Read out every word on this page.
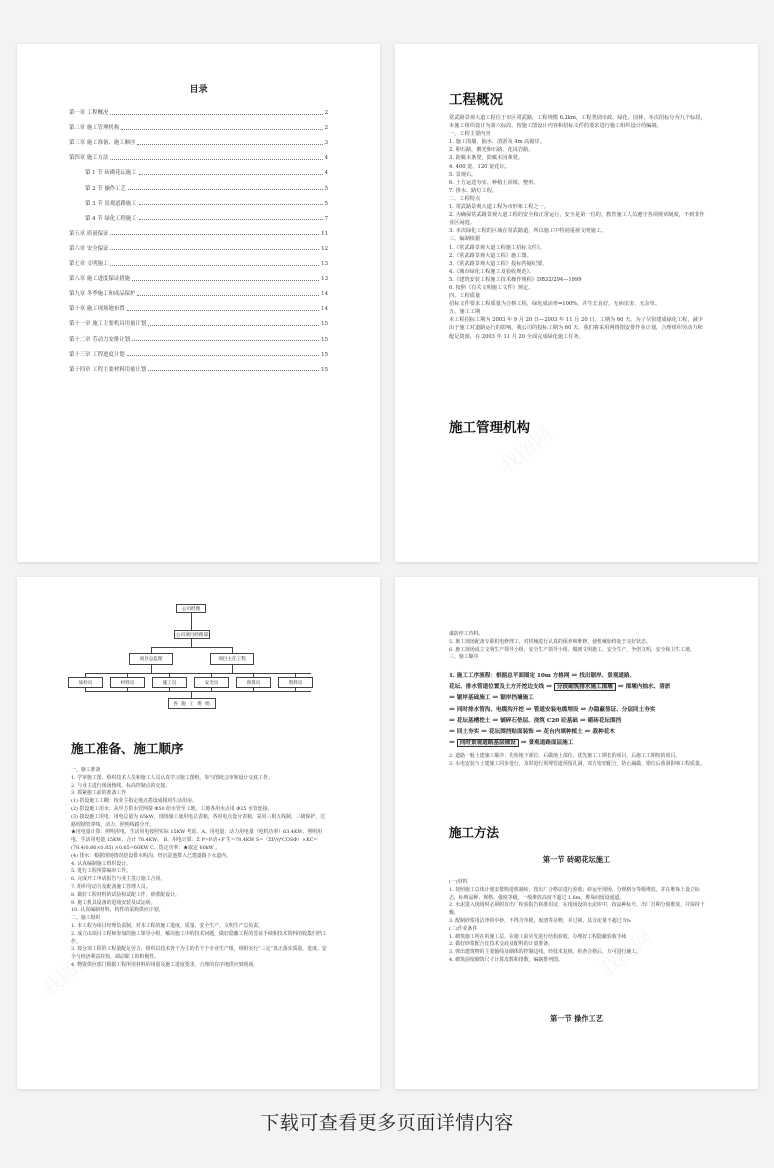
目录
第一章 工程概况	2
第二章 施工管理机构	2
第三章 施工准备、施工顺序	3
第四章 施工方法	4
第 1 节 砖砌花坛施工	4
第 2 节 操作工艺	5
第 3 节 景观道路施工	5
第 4 节 绿化工程施工	7
第五章 质量保证	11
第六章 安全保证	12
第七章 文明施工	13
第八章 施工进度保证措施	13
第九章 冬季施工和成品保护	14
第十章 施工现场地布置	14
第十一章 施工主要机具用量计划	15
第十二章 劳动力安排计划	15
第十三章 工程进度计划	15
第十四章 工程主要材料用量计划	15
工程概况

常武路景观大道工程位于市区常武路，工程规模 6.2km，工程类别市政、绿化、园林，本次招标分为九个标段，本施工组织设计为第六标段，按施工图设计内容和招标文件的要求进行施工组织设计的编制。

一、工程主要内容

1. 施工围墙、抽水、清淤及 4m 高锯岸。

2. 卵石路，鹅光卵石路、花岗岩路。

3. 防腐木条凳，防腐木园条凳。

4. 400 宽、120 宽花坛。

5. 景观石。

6. 土方运送夯实、种植土回填、整形。

7. 排水、路灯工程。

二、工程特点

1. 常武路景观大道工程为市形象工程之一。

2. 为确保常武路景观大道工程的安全和正常运行，安全是第一位的，教育施工人员遵守各项规章制度，不到非作业区闲逛。

3. 本次绿化工程的区域在常武路道，所以施工中特别重视文明施工。

三、编制依据

1.《常武路景观大道工程施工招标文件》。

2.《常武路景观大道工程》施工图。

3.《常武路景观大道工程》投标答疑纪要。

4.《城市绿化工程施工及验收规范》。

5.《建筑安装工程施工技术操作规程》DB32/294—1999

6. 按照《有关文明施工文件》规定。

四、工程质量

招标文件要求工程质量为合格工程，绿化成活率=100%，并生长良好，无病虫害、无杂草。

五、施工工期

本工程招标工期为 2003 年 9 月 20 日—2003 年 11 月 20 日，工期为 60 天。为了尽快建成绿化工程，减少由于施工对道路运行的影响，我公司的投标工期为 60 天。我们将采用网络图安排作业计划，合理组织劳动力和配足资源，在 2003 年 11 月 20 全面完成绿化施工任务。

施工管理机构
公司经理
公司项目经理部
项目总监理	项目主任工程
质检员	材料员	施工员	安全员	预算员	资料员
各 施 工 班 组
施工准备、施工顺序

一、施工准备

1. 学审施工图，组织技术人员和施工人员认真学习施工图纸，参与图纸会审和设计交底工作。

2. 与业主进行现场核线，标高控制点的交接。

3. 抓紧施工前的准备工作

(1) 搭设施工工棚：按业主指定地点搭设成相用生活用房。

(2) 搭设施工用水：从甲方供水管网接 Φ50 给水管至工地，工地各用水点用 Φ25 水管连接。

(3) 接设施工用电：用电总量为 65kW，现场施工使用电总表箱，各用电点设分表箱，采用三相五线制，三级保护，过路埋钢管穿线，动力、照明线路分开。

★用电量计算：照明用电、生活用电按照实际 15KW 考虑，A、用电量：动力用电量（电机功率）63.4KW，照明用电、生活用电量 15KW，合计 78.4KW。 B、用电计算：Σ P=P动+P 生=78.4KW S=（ΣP/η*COSΦ）×KC=(78.4/0.86×0.85) ×0.65=60KW C、选定功率：★取定 60kW 。

(4) 排水：根据现场情况挖设排水明沟，经沉淀池排入已建道路下水道内。

4. 认真编制施工组织设计。

5. 进行工程预算编审工作。

6. 完成开工申请报告与业主签订施工合同。

7. 组织劳动力及配备施工管理人员。

8. 做好工程材料的试验和试配工作，砂浆配设计。

9. 施工机具设备的进场安装及试运转。

10. 认真编制材料、构件的采购供应计划。

二、施工组织

1. 本工程为项目经理负责制，对本工程的施工进度、质量、安全生产、文明生产总负责。

2. 成立由项目工程师参加的施工领导小组，解决施工中的技术问题，做好隐蔽工程的签证手续和技术资料的收集归档工作。

3. 按分项工程的工程量配足劳力，组织以技术骨干为主的若干个专业生产组，班组实行“三定”真正落实质量、进度、安全与经济利益挂钩，调动职工的积极性。

4. 物资供应部门根据工程所用材料的用量及施工进度要求，合理的有序地供应到现场，

谋防停工待料。

5. 施工现场配备专职机电修理工，对机械进行认真的保养和维修，使机械始终处于完好状态。

6. 施工现场成立文明生产领导小组、安全生产领导小组，做到文明施工，安全生产，争创文明，安全和卫生工地。

三、施工顺序

1. 施工工序流程：根据总平面图定 10m 方格网 ⇒ 找出锯岸、景观道路、
花坛、排水管道位置及土方开挖边支线 ⇒ 分段砌筑排水施工围堰 ⇒ 围堰内抽水、清淤
⇒ 锯岸基础施工 ⇒ 锯岸挡墙施工
⇒ 同时排水管沟、电缆沟开挖 ⇒ 管道安装电缆埋设 ⇒ 办隐蔽签证、分层回土夯实
⇒ 花坛基槽挖土 ⇒ 铺碎石垫层、浇筑 C20 砼基础 ⇒ 砌砖花坛围挡
⇒ 回土夯实 ⇒ 花坛围挡贴面装饰 ⇒ 花台内填种植土 ⇒ 栽种花木
⇒ 同时景观道路基层铺设 ⇒ 景观道路面层施工

2. 道路一般土建施工顺序：先检地下部位，后做地上部位，优先施工工期长的项目，后施工工期短的项目。

3. 水电安装与土建施工同步进行，及时进行预埋管道预留孔洞，双方密切配合，防止漏做，错位后凿洞影响工程质量。

施工方法
第一节 砖砌花坛施工

(一)材料

1. 按照施工总体计划安排购进机制砖，按出厂合格证进行验收；砖运至现场，分规格分等级堆放，并在堆垛上设立标志，标明品种、规格、强度等级，一般堆放高度不超过 1.6m，堆垛间留设通道。

2. 水泥进入现场时必须附有出厂检验报告和准用证，在现场设的水泥库中，按品种标号、出厂日期分别堆放，并保持干燥。

3. 配制砂浆用洁净的中砂，不得含草根，废渣等杂物，并过筛，其含泥量不超过 5%

(二)作业条件

1. 砌筑施工所在的施工层，在施工前应先进行结构验收，办理好工程隐蔽验收手续

2. 做好砂浆配合比技术交底及配料的计量准备。

3. 弹出建筑物的主要轴线及砌体的控制边线，经技术复核，检查合格后，方可进行施工。

4. 砌筑前按砌筑尺寸计算皮数和排数，编制排列图。

第一节 操作工艺
下载可查看更多页面详情内容
